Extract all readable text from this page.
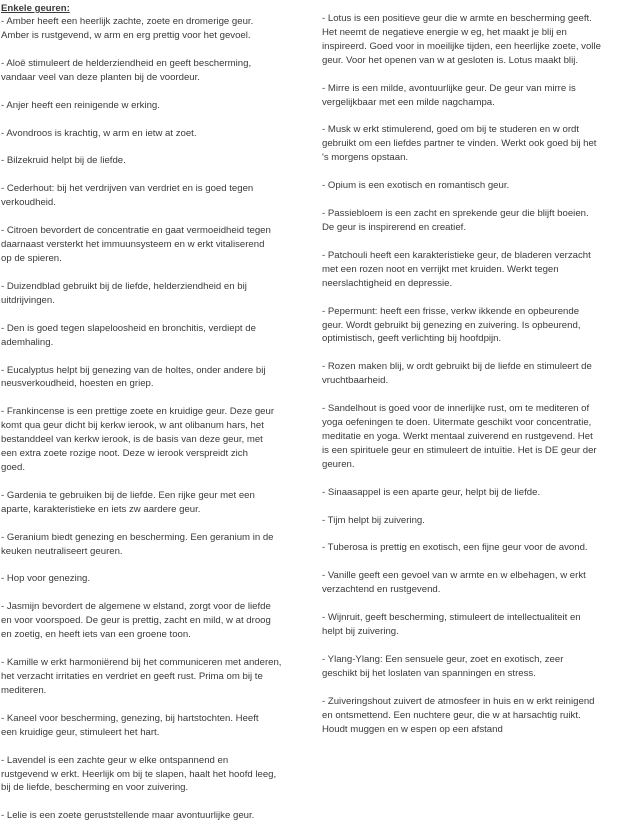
Enkele geuren:

- Amber heeft een heerlijk zachte, zoete en dromerige geur.
Amber is rustgevend, w arm en erg prettig voor het gevoel.

- Aloë stimuleert de helderziendheid en geeft bescherming,
vandaar veel van deze planten bij de voordeur.

- Anjer heeft een reinigende w erking.

- Avondroos is krachtig, w arm en ietw at zoet.

- Bilzekruid helpt bij de liefde.

- Cederhout: bij het verdrijven van verdriet en is goed tegen
verkoudheid.

- Citroen bevordert de concentratie en gaat vermoeidheid tegen
daarnaast versterkt het immuunsysteem en w erkt vitaliserend
op de spieren.

- Duizendblad gebruikt bij de liefde, helderziendheid en bij
uitdrijvingen.

- Den is goed tegen slapeloosheid en bronchitis, verdiept de
ademhaling.

- Eucalyptus helpt bij genezing van de holtes, onder andere bij
neusverkoudheid, hoesten en griep.

- Frankincense is een prettige zoete en kruidige geur. Deze geur
komt qua geur dicht bij kerkw ierook, w ant olibanum hars, het
bestanddeel van kerkw ierook, is de basis van deze geur, met
een extra zoete rozige noot. Deze w ierook verspreidt zich
goed.

- Gardenia te gebruiken bij de liefde. Een rijke geur met een
aparte, karakteristieke en iets zw aardere geur.

- Geranium biedt genezing en bescherming. Een geranium in de
keuken neutraliseert geuren.

- Hop voor genezing.

- Jasmijn bevordert de algemene w elstand, zorgt voor de liefde
en voor voorspoed. De geur is prettig, zacht en mild, w at droog
en zoetig, en heeft iets van een groene toon.

- Kamille w erkt harmoniërend bij het communiceren met anderen,
het verzacht irritaties en verdriet en geeft rust. Prima om bij te
mediteren.

- Kaneel voor bescherming, genezing, bij hartstochten. Heeft
een kruidige geur, stimuleert het hart.

- Lavendel is een zachte geur w elke ontspannend en
rustgevend w erkt. Heerlijk om bij te slapen, haalt het hoofd leeg,
bij de liefde, bescherming en voor zuivering.

- Lelie is een zoete geruststellende maar avontuurlijke geur.

- Lotus is een positieve geur die w armte en bescherming geeft.
Het neemt de negatieve energie w eg, het maakt je blij en
inspireerd. Goed voor in moeilijke tijden, een heerlijke zoete, volle
geur. Voor het openen van w at gesloten is. Lotus maakt blij.

- Mirre is een milde, avontuurlijke geur. De geur van mirre is
vergelijkbaar met een milde nagchampa.

- Musk w erkt stimulerend, goed om bij te studeren en w ordt
gebruikt om een liefdes partner te vinden. Werkt ook goed bij het
's morgens opstaan.

- Opium is een exotisch en romantisch geur.

- Passiebloem is een zacht en sprekende geur die blijft boeien.
De geur is inspirerend en creatief.

- Patchouli heeft een karakteristieke geur, de bladeren verzacht
met een rozen noot en verrijkt met kruiden. Werkt tegen
neerslachtigheid en depressie.

- Pepermunt: heeft een frisse, verkw ikkende en opbeurende
geur. Wordt gebruikt bij genezing en zuivering. Is opbeurend,
optimistisch, geeft verlichting bij hoofdpijn.

- Rozen maken blij, w ordt gebruikt bij de liefde en stimuleert de
vruchtbaarheid.

- Sandelhout is goed voor de innerlijke rust, om te mediteren of
yoga oefeningen te doen. Uitermate geschikt voor concentratie,
meditatie en yoga. Werkt mentaal zuiverend en rustgevend. Het
is een spirituele geur en stimuleert de intuïtie. Het is DE geur der
geuren.

- Sinaasappel is een aparte geur, helpt bij de liefde.

- Tijm helpt bij zuivering.

- Tuberosa is prettig en exotisch, een fijne geur voor de avond.

- Vanille geeft een gevoel van w armte en w elbehagen, w erkt
verzachtend en rustgevend.

- Wijnruit, geeft bescherming, stimuleert de intellectualiteit en
helpt bij zuivering.

- Ylang-Ylang: Een sensuele geur, zoet en exotisch, zeer
geschikt bij het loslaten van spanningen en stress.

- Zuiveringshout zuivert de atmosfeer in huis en w erkt reinigend
en ontsmettend. Een nuchtere geur, die w at harsachtig ruikt.
Houdt muggen en w espen op een afstand
